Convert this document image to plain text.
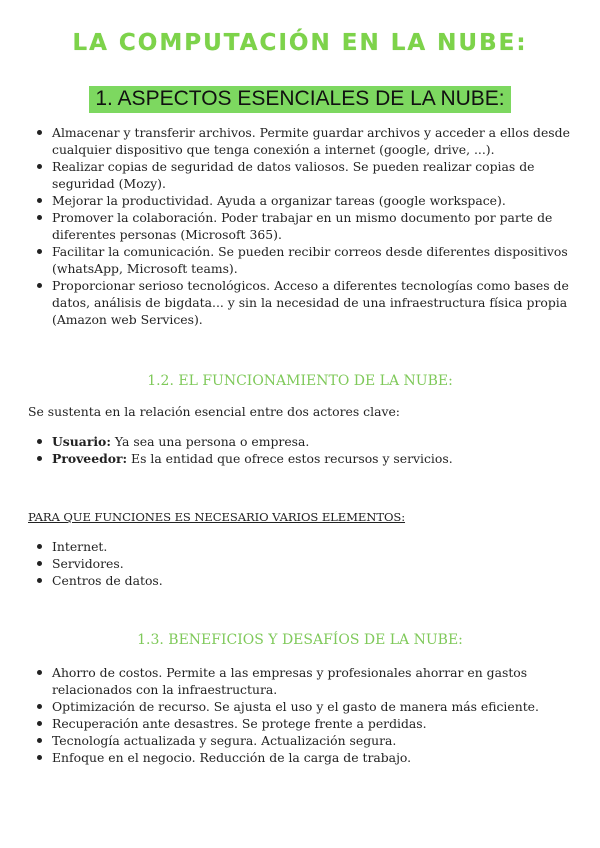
LA COMPUTACIÓN EN LA NUBE:
1. ASPECTOS ESENCIALES DE LA NUBE:
Almacenar y transferir archivos. Permite guardar archivos y acceder a ellos desde cualquier dispositivo que tenga conexión a internet (google, drive, ...).
Realizar copias de seguridad de datos valiosos. Se pueden realizar copias de seguridad (Mozy).
Mejorar la productividad. Ayuda a organizar tareas (google workspace).
Promover la colaboración. Poder trabajar en un mismo documento por parte de diferentes personas (Microsoft 365).
Facilitar la comunicación. Se pueden recibir correos desde diferentes dispositivos (whatsApp, Microsoft teams).
Proporcionar serioso tecnológicos. Acceso a diferentes tecnologías como bases de datos, análisis de bigdata... y sin la necesidad de una infraestructura física propia (Amazon web Services).
1.2. EL FUNCIONAMIENTO DE LA NUBE:
Se sustenta en la relación esencial entre dos actores clave:
Usuario: Ya sea una persona o empresa.
Proveedor: Es la entidad que ofrece estos recursos y servicios.
PARA QUE FUNCIONES ES NECESARIO VARIOS ELEMENTOS:
Internet.
Servidores.
Centros de datos.
1.3. BENEFICIOS Y DESAFÍOS DE LA NUBE:
Ahorro de costos. Permite a las empresas y profesionales ahorrar en gastos relacionados con la infraestructura.
Optimización de recurso. Se ajusta el uso y el gasto de manera más eficiente.
Recuperación ante desastres. Se protege frente a perdidas.
Tecnología actualizada y segura. Actualización segura.
Enfoque en el negocio. Reducción de la carga de trabajo.
